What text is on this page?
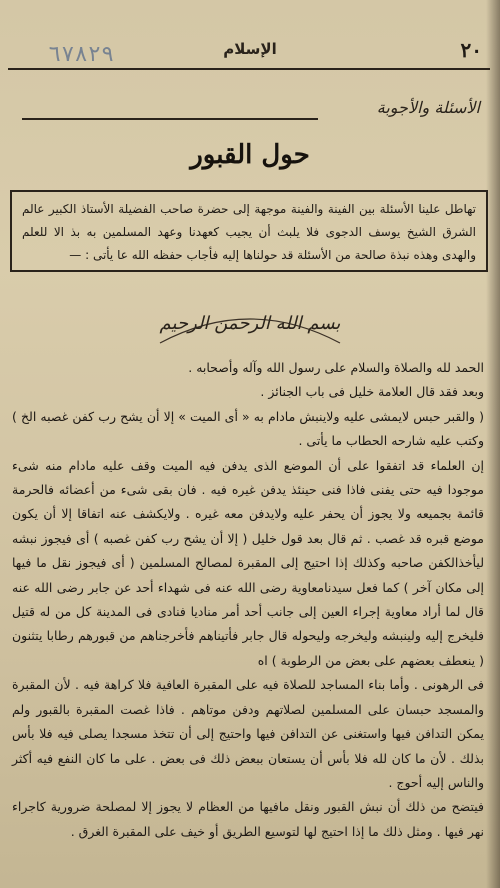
٢٠
الإسلام
٦٧٨٢٩
الأسئلة والأجوبة
حول القبور
تهاطل علينا الأسئلة بين الفينة والفينة موجهة إلى حضرة صاحب الفضيلة الأستاذ الكبير عالم الشرق الشيخ يوسف الدجوى فلا يلبث أن يجيب كعهدنا وعهد المسلمين به بذ الا للعلم والهدى وهذه نبذة صالحة من الأسئلة قد حولناها إليه فأجاب حفظه الله عا يأتى : —
بسم الله الرحمن الرحيم

الحمد لله والصلاة والسلام على رسول الله وآله وأصحابه .

وبعد فقد قال العلامة خليل فى باب الجنائز .

( والقبر حبس لايمشى عليه ولاينبش مادام به « أى الميت » إلا أن يشح رب كفن غصبه الخ ) وكتب عليه شارحه الحطاب ما يأتى .

إن العلماء قد اتفقوا على أن الموضع الذى يدفن فيه الميت وقف عليه مادام منه شىء موجودا فيه حتى يفنى فاذا فنى حينئذ يدفن غيره فيه . فان بقى شىء من أعضائه فالحرمة قائمة بجميعه ولا يجوز أن يحفر عليه ولايدفن معه غيره . ولايكشف عنه اتفاقا إلا أن يكون موضع قبره قد غصب . ثم قال بعد قول خليل ( إلا أن يشح رب كفن غصبه ) أى فيجوز نبشه ليأخذالكفن صاحبه وكذلك إذا احتيج إلى المقبرة لمصالح المسلمين ( أى فيجوز نقل ما فيها إلى مكان آخر ) كما فعل سيدنامعاوية رضى الله عنه فى شهداء أحد عن جابر رضى الله عنه قال لما أراد معاوية إجراء العين إلى جانب أحد أمر مناديا فنادى فى المدينة كل من له قتيل فليخرج إليه ولينبشه وليخرجه وليحوله قال جابر فأتيناهم فأخرجناهم من قبورهم رطابا يتثنون ( ينعطف بعضهم على بعض من الرطوبة ) اه

فى الرهونى . وأما بناء المساجد للصلاة فيه على المقبرة العافية فلا كراهة فيه . لأن المقبرة والمسجد حبسان على المسلمين لصلاتهم ودفن موتاهم . فاذا غصت المقبرة بالقبور ولم يمكن التدافن فيها واستغنى عن التدافن فيها واحتيج إلى أن تتخذ مسجدا يصلى فيه فلا بأس بذلك . لأن ما كان لله فلا بأس أن يستعان ببعض ذلك فى بعض . على ما كان النفع فيه أكثر والناس إليه أحوج .

فيتضح من ذلك أن نبش القبور ونقل مافيها من العظام لا يجوز إلا لمصلحة ضرورية كاجراء نهر فيها . ومثل ذلك ما إذا احتيج لها لتوسيع الطريق أو خيف على المقبرة الغرق .
